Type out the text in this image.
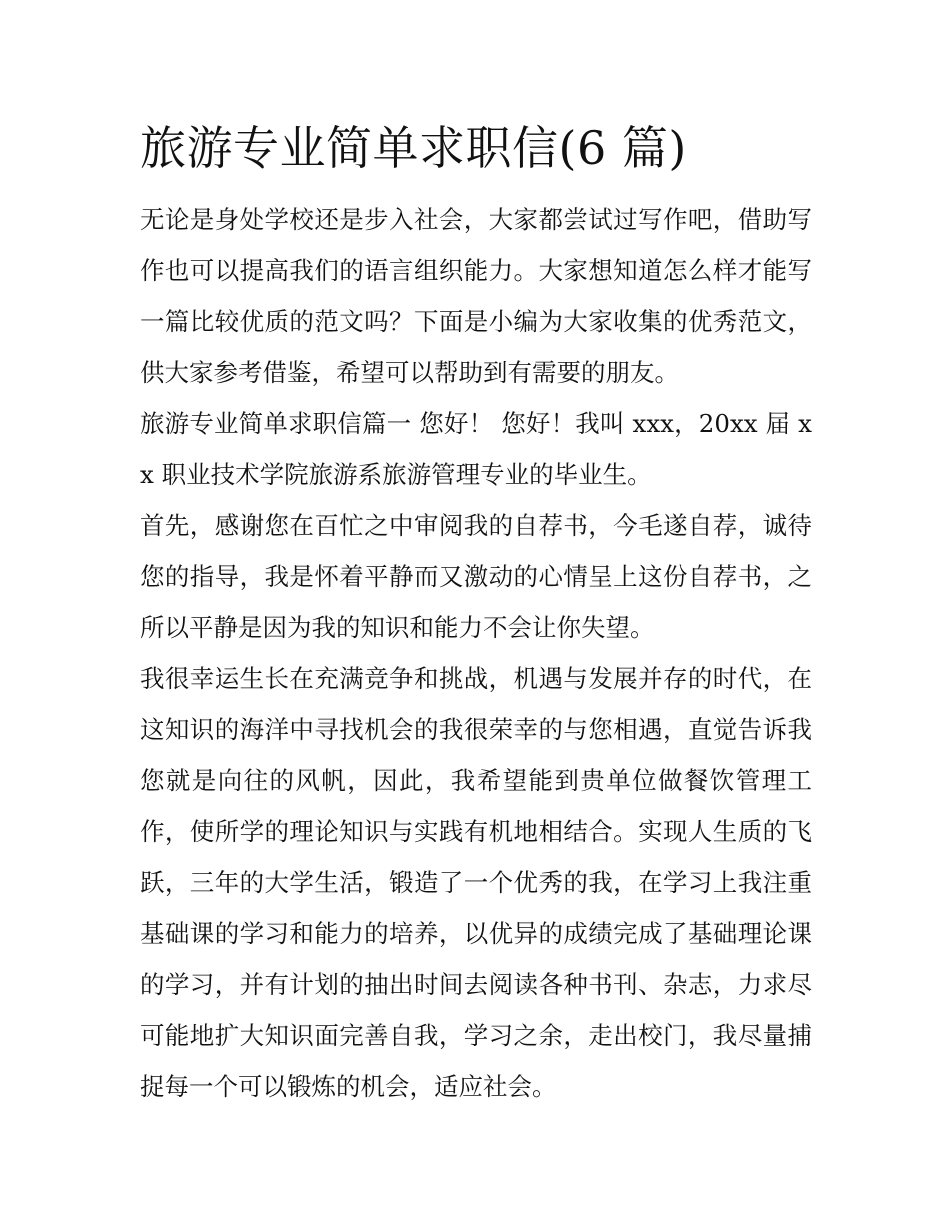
旅游专业简单求职信(6 篇)

无论是身处学校还是步入社会，大家都尝试过写作吧，借助写作也可以提高我们的语言组织能力。大家想知道怎么样才能写一篇比较优质的范文吗？下面是小编为大家收集的优秀范文，供大家参考借鉴，希望可以帮助到有需要的朋友。

旅游专业简单求职信篇一 您好！ 您好！我叫 xxx，20xx 届 xx 职业技术学院旅游系旅游管理专业的毕业生。

首先，感谢您在百忙之中审阅我的自荐书，今毛遂自荐，诚待您的指导，我是怀着平静而又激动的心情呈上这份自荐书，之所以平静是因为我的知识和能力不会让你失望。

我很幸运生长在充满竞争和挑战，机遇与发展并存的时代，在这知识的海洋中寻找机会的我很荣幸的与您相遇，直觉告诉我您就是向往的风帆，因此，我希望能到贵单位做餐饮管理工作，使所学的理论知识与实践有机地相结合。实现人生质的飞跃，三年的大学生活，锻造了一个优秀的我，在学习上我注重基础课的学习和能力的培养，以优异的成绩完成了基础理论课的学习，并有计划的抽出时间去阅读各种书刊、杂志，力求尽可能地扩大知识面完善自我，学习之余，走出校门，我尽量捕捉每一个可以锻炼的机会，适应社会。
